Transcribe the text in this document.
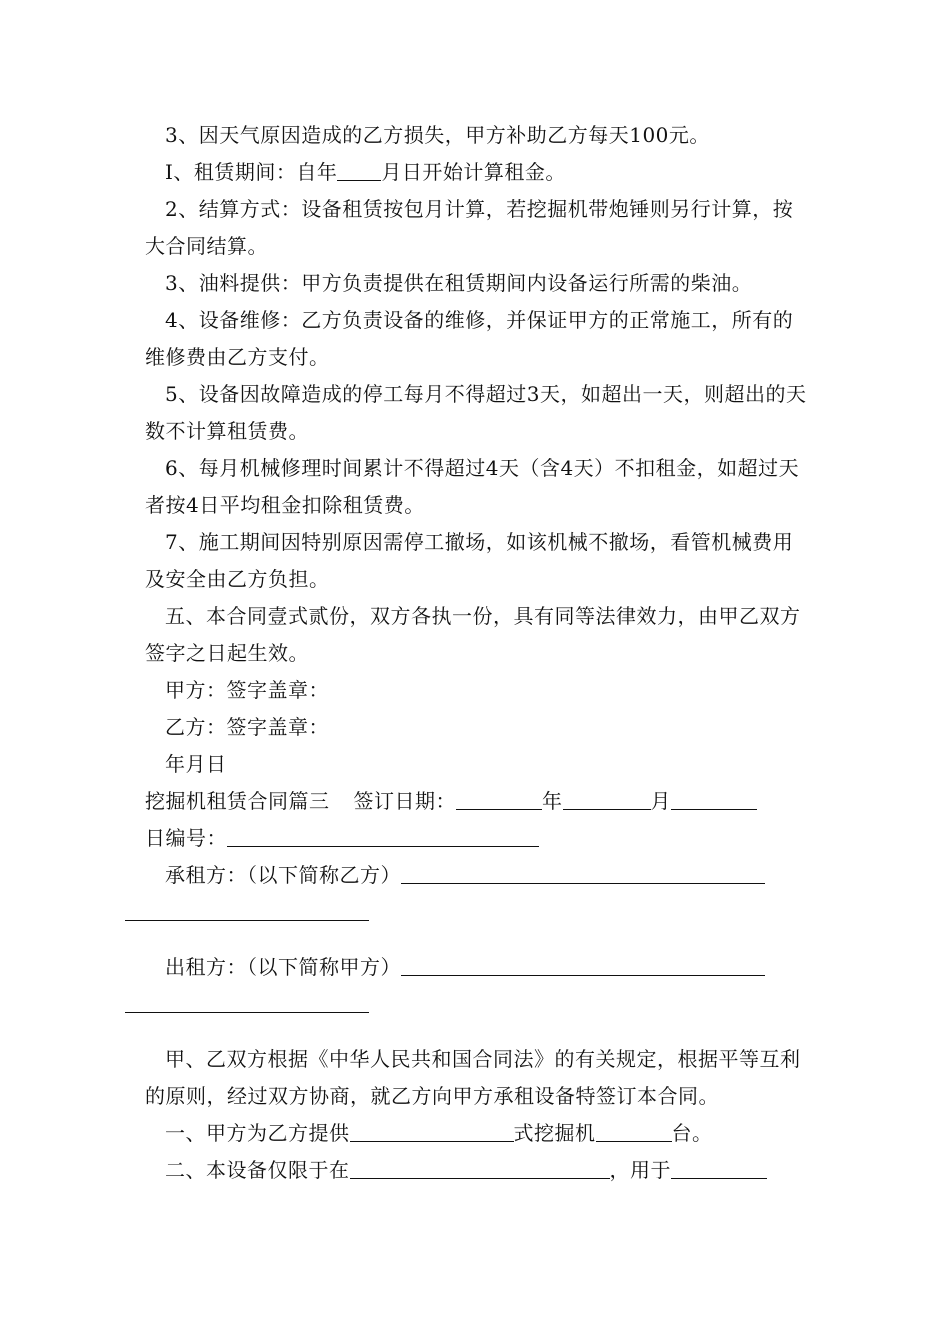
3、因天气原因造成的乙方损失，甲方补助乙方每天100元。

I、租赁期间：自年 月日开始计算租金。

2、结算方式：设备租赁按包月计算，若挖掘机带炮锤则另行计算，按大合同结算。

3、油料提供：甲方负责提供在租赁期间内设备运行所需的柴油。

4、设备维修：乙方负责设备的维修，并保证甲方的正常施工，所有的维修费由乙方支付。

5、设备因故障造成的停工每月不得超过3天，如超出一天，则超出的天数不计算租赁费。

6、每月机械修理时间累计不得超过4天（含4天）不扣租金，如超过天者按4日平均租金扣除租赁费。

7、施工期间因特别原因需停工撤场，如该机械不撤场，看管机械费用及安全由乙方负担。

五、本合同壹式贰份，双方各执一份，具有同等法律效力，由甲乙双方签字之日起生效。

甲方：签字盖章：

乙方：签字盖章：

年月日

挖掘机租赁合同篇三 签订日期：	年	月
日编号：

承租方：（以下简称乙方）

出租方：（以下简称甲方）

甲、乙双方根据《中华人民共和国合同法》的有关规定，根据平等互利的原则，经过双方协商，就乙方向甲方承租设备特签订本合同。

一、甲方为乙方提供	式挖掘机	台。

二、本设备仅限于在	，用于
